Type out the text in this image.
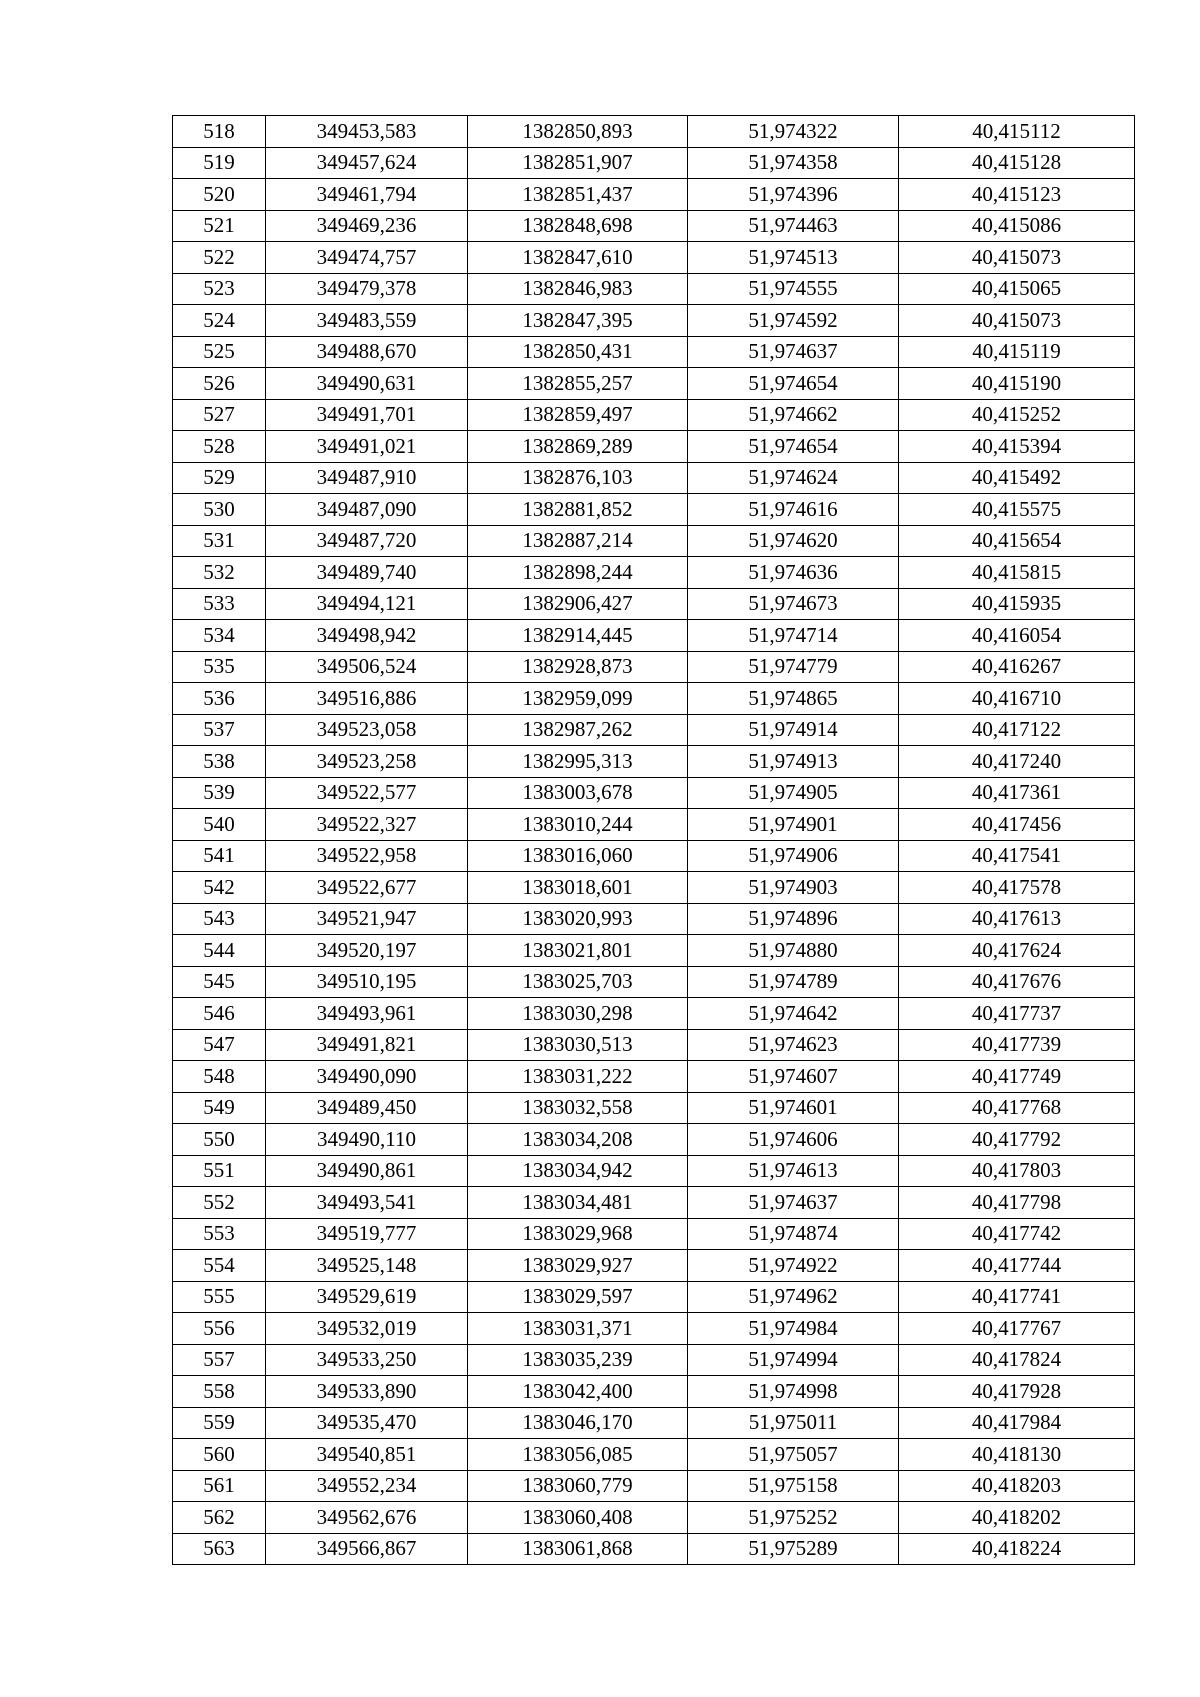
518	349453,583	1382850,893	51,974322	40,415112
519	349457,624	1382851,907	51,974358	40,415128
520	349461,794	1382851,437	51,974396	40,415123
521	349469,236	1382848,698	51,974463	40,415086
522	349474,757	1382847,610	51,974513	40,415073
523	349479,378	1382846,983	51,974555	40,415065
524	349483,559	1382847,395	51,974592	40,415073
525	349488,670	1382850,431	51,974637	40,415119
526	349490,631	1382855,257	51,974654	40,415190
527	349491,701	1382859,497	51,974662	40,415252
528	349491,021	1382869,289	51,974654	40,415394
529	349487,910	1382876,103	51,974624	40,415492
530	349487,090	1382881,852	51,974616	40,415575
531	349487,720	1382887,214	51,974620	40,415654
532	349489,740	1382898,244	51,974636	40,415815
533	349494,121	1382906,427	51,974673	40,415935
534	349498,942	1382914,445	51,974714	40,416054
535	349506,524	1382928,873	51,974779	40,416267
536	349516,886	1382959,099	51,974865	40,416710
537	349523,058	1382987,262	51,974914	40,417122
538	349523,258	1382995,313	51,974913	40,417240
539	349522,577	1383003,678	51,974905	40,417361
540	349522,327	1383010,244	51,974901	40,417456
541	349522,958	1383016,060	51,974906	40,417541
542	349522,677	1383018,601	51,974903	40,417578
543	349521,947	1383020,993	51,974896	40,417613
544	349520,197	1383021,801	51,974880	40,417624
545	349510,195	1383025,703	51,974789	40,417676
546	349493,961	1383030,298	51,974642	40,417737
547	349491,821	1383030,513	51,974623	40,417739
548	349490,090	1383031,222	51,974607	40,417749
549	349489,450	1383032,558	51,974601	40,417768
550	349490,110	1383034,208	51,974606	40,417792
551	349490,861	1383034,942	51,974613	40,417803
552	349493,541	1383034,481	51,974637	40,417798
553	349519,777	1383029,968	51,974874	40,417742
554	349525,148	1383029,927	51,974922	40,417744
555	349529,619	1383029,597	51,974962	40,417741
556	349532,019	1383031,371	51,974984	40,417767
557	349533,250	1383035,239	51,974994	40,417824
558	349533,890	1383042,400	51,974998	40,417928
559	349535,470	1383046,170	51,975011	40,417984
560	349540,851	1383056,085	51,975057	40,418130
561	349552,234	1383060,779	51,975158	40,418203
562	349562,676	1383060,408	51,975252	40,418202
563	349566,867	1383061,868	51,975289	40,418224
